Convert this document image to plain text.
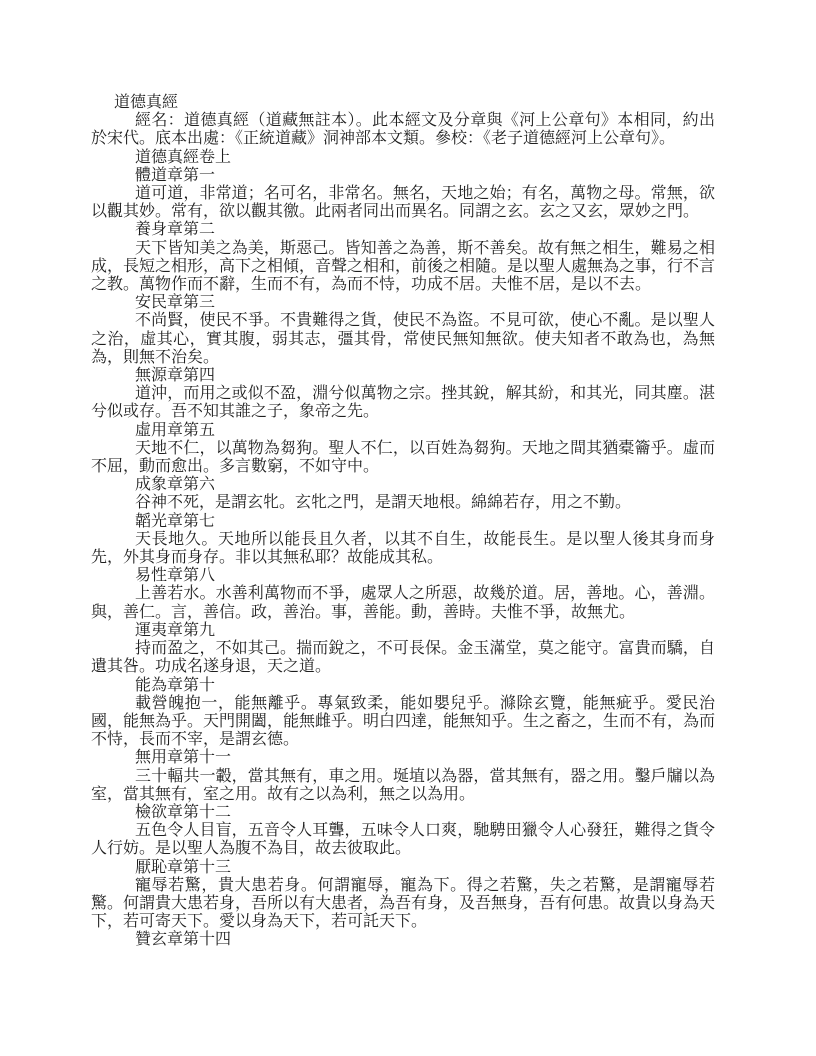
道德真經
經名：道德真經（道藏無註本）。此本經文及分章與《河上公章句》本相同，約出於宋代。底本出處：《正統道藏》洞神部本文類。參校：《老子道德經河上公章句》。
道德真經卷上
體道章第一
道可道，非常道；名可名，非常名。無名，天地之始；有名，萬物之母。常無，欲以觀其妙。常有，欲以觀其徼。此兩者同出而異名。同謂之玄。玄之又玄，眾妙之門。
養身章第二
天下皆知美之為美，斯惡己。皆知善之為善，斯不善矣。故有無之相生，難易之相成，長短之相形，高下之相傾，音聲之相和，前後之相隨。是以聖人處無為之事，行不言之教。萬物作而不辭，生而不有，為而不恃，功成不居。夫惟不居，是以不去。
安民章第三
不尚賢，使民不爭。不貴難得之貨，使民不為盜。不見可欲，使心不亂。是以聖人之治，虛其心，實其腹，弱其志，彊其骨，常使民無知無欲。使夫知者不敢為也，為無為，則無不治矣。
無源章第四
道沖，而用之或似不盈，淵兮似萬物之宗。挫其銳，解其紛，和其光，同其塵。湛兮似或存。吾不知其誰之子，象帝之先。
虛用章第五
天地不仁，以萬物為芻狗。聖人不仁，以百姓為芻狗。天地之間其猶橐籥乎。虛而不屈，動而愈出。多言數窮，不如守中。
成象章第六
谷神不死，是謂玄牝。玄牝之門，是謂天地根。綿綿若存，用之不勤。
韜光章第七
天長地久。天地所以能長且久者，以其不自生，故能長生。是以聖人後其身而身先，外其身而身存。非以其無私耶？故能成其私。
易性章第八
上善若水。水善利萬物而不爭，處眾人之所惡，故幾於道。居，善地。心，善淵。與，善仁。言，善信。政，善治。事，善能。動，善時。夫惟不爭，故無尤。
運夷章第九
持而盈之，不如其己。揣而銳之，不可長保。金玉滿堂，莫之能守。富貴而驕，自遺其咎。功成名遂身退，天之道。
能為章第十
載營魄抱一，能無離乎。專氣致柔，能如嬰兒乎。滌除玄覽，能無疵乎。愛民治國，能無為乎。天門開闔，能無雌乎。明白四達，能無知乎。生之畜之，生而不有，為而不恃，長而不宰，是謂玄德。
無用章第十一
三十輻共一轂，當其無有，車之用。埏埴以為器，當其無有，器之用。鑿戶牖以為室，當其無有，室之用。故有之以為利，無之以為用。
檢欲章第十二
五色令人目盲，五音令人耳聾，五味令人口爽，馳騁田獵令人心發狂，難得之貨令人行妨。是以聖人為腹不為目，故去彼取此。
厭恥章第十三
寵辱若驚，貴大患若身。何謂寵辱，寵為下。得之若驚，失之若驚，是謂寵辱若驚。何謂貴大患若身，吾所以有大患者，為吾有身，及吾無身，吾有何患。故貴以身為天下，若可寄天下。愛以身為天下，若可託天下。
贊玄章第十四
